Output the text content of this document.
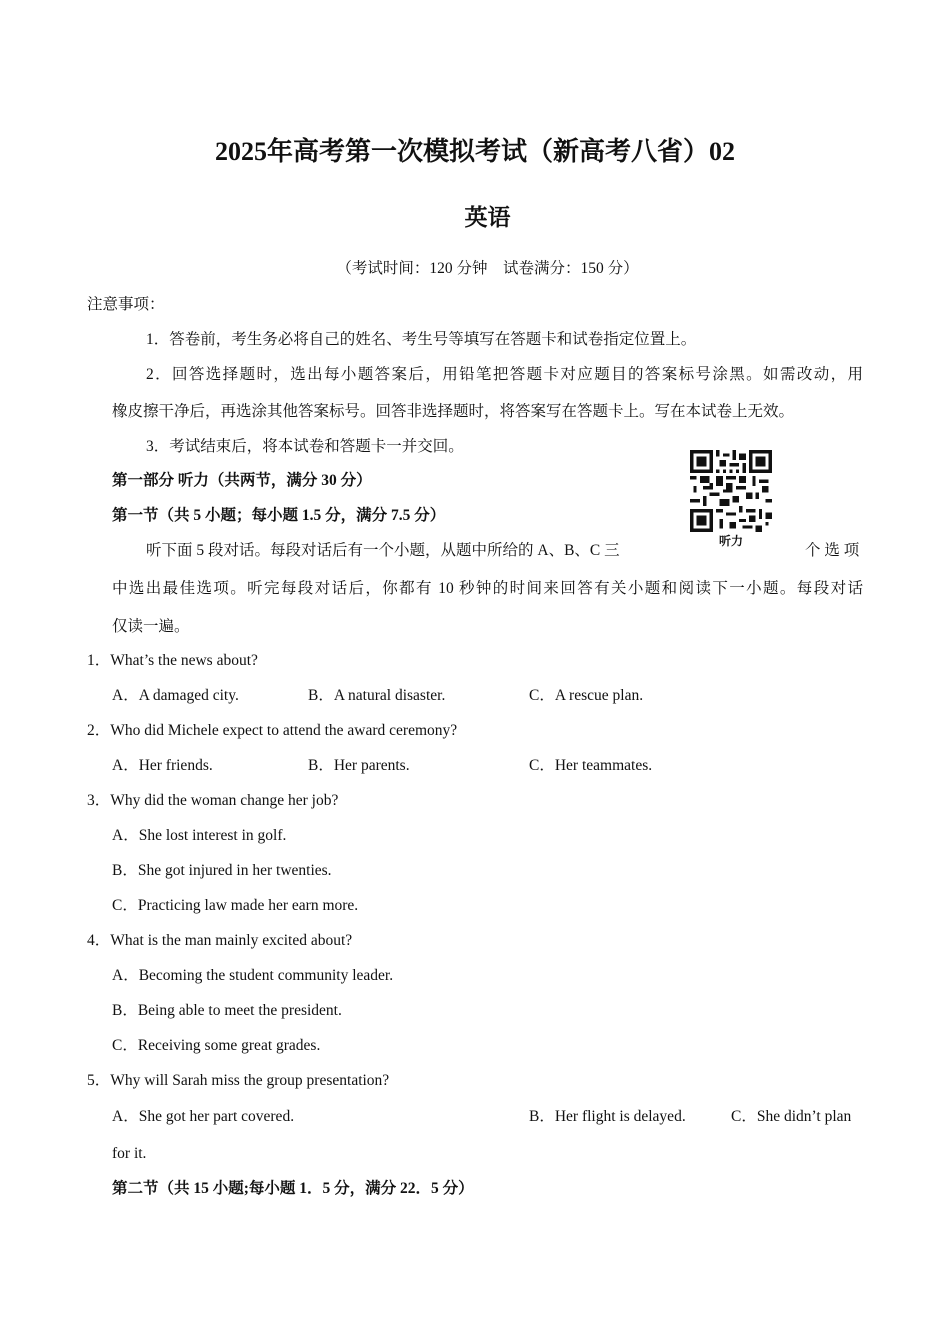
2025年高考第一次模拟考试（新高考八省）02
英语
（考试时间：120 分钟　试卷满分：150 分）
注意事项：
1．答卷前，考生务必将自己的姓名、考生号等填写在答题卡和试卷指定位置上。
2．回答选择题时，选出每小题答案后，用铅笔把答题卡对应题目的答案标号涂黑。如需改动，用
橡皮擦干净后，再选涂其他答案标号。回答非选择题时，将答案写在答题卡上。写在本试卷上无效。
3．考试结束后，将本试卷和答题卡一并交回。
第一部分 听力（共两节，满分 30 分）
第一节（共 5 小题；每小题 1.5 分，满分 7.5 分）
听力
听下面 5 段对话。每段对话后有一个小题，从题中所给的 A、B、C 三	个 选 项
中选出最佳选项。听完每段对话后，你都有 10 秒钟的时间来回答有关小题和阅读下一小题。每段对话
仅读一遍。
1．What’s the news about?
A．A damaged city.	B．A natural disaster.	C．A rescue plan.
2．Who did Michele expect to attend the award ceremony?
A．Her friends.	B．Her parents.	C．Her teammates.
3．Why did the woman change her job?
A．She lost interest in golf.
B．She got injured in her twenties.
C．Practicing law made her earn more.
4．What is the man mainly excited about?
A．Becoming the student community leader.
B．Being able to meet the president.
C．Receiving some great grades.
5．Why will Sarah miss the group presentation?
A．She got her part covered.	B．Her flight is delayed.	C．She didn’t plan
for it.
第二节（共 15 小题;每小题 1．5 分，满分 22．5 分）
